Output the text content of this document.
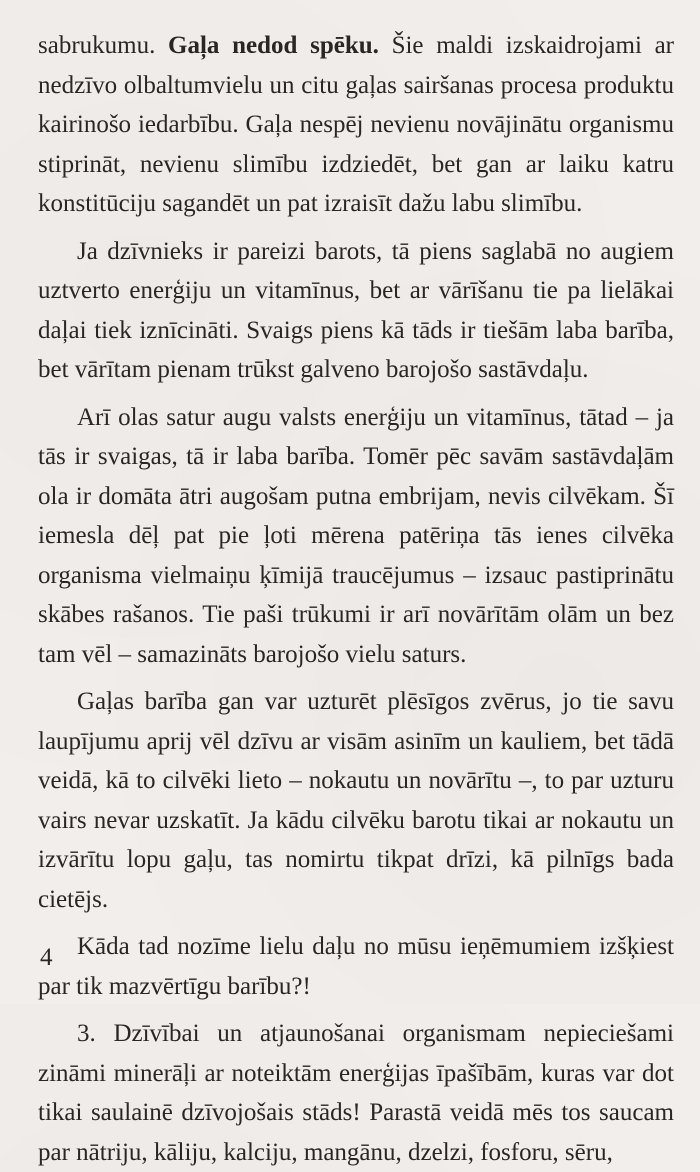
sabrukumu. Gaļa nedod spēku. Šie maldi izskaidrojami ar nedzīvo olbaltumvielu un citu gaļas sairšanas procesa produktu kairinošo iedarbību. Gaļa nespēj nevienu novājinātu organismu stiprināt, nevienu slimību izdziedēt, bet gan ar laiku katru konstitūciju sagandēt un pat izraisīt dažu labu slimību.

Ja dzīvnieks ir pareizi barots, tā piens saglabā no augiem uztverto enerģiju un vitamīnus, bet ar vārīšanu tie pa lielākai daļai tiek iznīcināti. Svaigs piens kā tāds ir tiešām laba barība, bet vārītam pienam trūkst galveno barojošo sastāvdaļu.

Arī olas satur augu valsts enerģiju un vitamīnus, tātad – ja tās ir svaigas, tā ir laba barība. Tomēr pēc savām sastāvdaļām ola ir domāta ātri augošam putna embrijam, nevis cilvēkam. Šī iemesla dēļ pat pie ļoti mērena patēriņa tās ienes cilvēka organisma vielmaiņu ķīmijā traucējumus – izsauc pastiprinātu skābes rašanos. Tie paši trūkumi ir arī novārītām olām un bez tam vēl – samazināts barojošo vielu saturs.

Gaļas barība gan var uzturēt plēsīgos zvērus, jo tie savu laupījumu aprij vēl dzīvu ar visām asinīm un kauliem, bet tādā veidā, kā to cilvēki lieto – nokautu un novārītu –, to par uzturu vairs nevar uzskatīt. Ja kādu cilvēku barotu tikai ar nokautu un izvārītu lopu gaļu, tas nomirtu tikpat drīzi, kā pilnīgs bada cietējs.

Kāda tad nozīme lielu daļu no mūsu ieņēmumiem izšķiest par tik mazvērtīgu barību?!

3. Dzīvībai un atjaunošanai organismam nepieciešami zināmi minerāļi ar noteiktām enerģijas īpašībām, kuras var dot tikai saulainē dzīvojošais stāds! Parastā veidā mēs tos saucam par nātriju, kāliju, kalciju, mangānu, dzelzi, fosforu, sēru,

4
